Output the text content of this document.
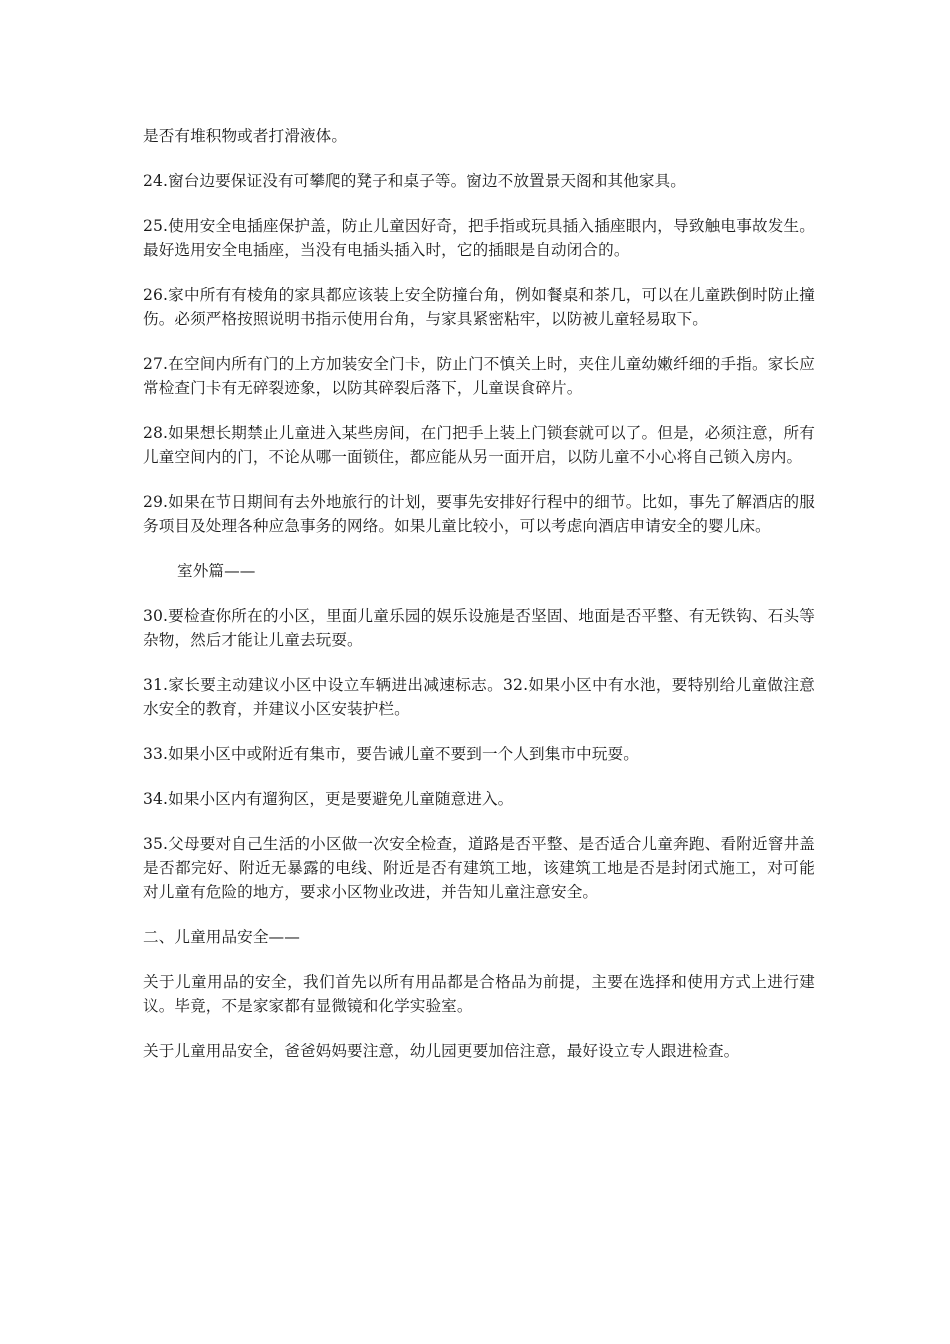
是否有堆积物或者打滑液体。

24.窗台边要保证没有可攀爬的凳子和桌子等。窗边不放置景天阁和其他家具。

25.使用安全电插座保护盖，防止儿童因好奇，把手指或玩具插入插座眼内，导致触电事故发生。最好选用安全电插座，当没有电插头插入时，它的插眼是自动闭合的。

26.家中所有有棱角的家具都应该装上安全防撞台角，例如餐桌和茶几，可以在儿童跌倒时防止撞伤。必须严格按照说明书指示使用台角，与家具紧密粘牢，以防被儿童轻易取下。

27.在空间内所有门的上方加装安全门卡，防止门不慎关上时，夹住儿童幼嫩纤细的手指。家长应常检查门卡有无碎裂迹象，以防其碎裂后落下，儿童误食碎片。

28.如果想长期禁止儿童进入某些房间，在门把手上装上门锁套就可以了。但是，必须注意，所有儿童空间内的门，不论从哪一面锁住，都应能从另一面开启，以防儿童不小心将自己锁入房内。

29.如果在节日期间有去外地旅行的计划，要事先安排好行程中的细节。比如，事先了解酒店的服务项目及处理各种应急事务的网络。如果儿童比较小，可以考虑向酒店申请安全的婴儿床。

室外篇——

30.要检查你所在的小区，里面儿童乐园的娱乐设施是否坚固、地面是否平整、有无铁钩、石头等杂物，然后才能让儿童去玩耍。

31.家长要主动建议小区中设立车辆进出减速标志。32.如果小区中有水池，要特别给儿童做注意水安全的教育，并建议小区安装护栏。

33.如果小区中或附近有集市，要告诫儿童不要到一个人到集市中玩耍。

34.如果小区内有遛狗区，更是要避免儿童随意进入。

35.父母要对自己生活的小区做一次安全检查，道路是否平整、是否适合儿童奔跑、看附近窨井盖是否都完好、附近无暴露的电线、附近是否有建筑工地，该建筑工地是否是封闭式施工，对可能对儿童有危险的地方，要求小区物业改进，并告知儿童注意安全。

二、儿童用品安全——

关于儿童用品的安全，我们首先以所有用品都是合格品为前提，主要在选择和使用方式上进行建议。毕竟，不是家家都有显微镜和化学实验室。

关于儿童用品安全，爸爸妈妈要注意，幼儿园更要加倍注意，最好设立专人跟进检查。
